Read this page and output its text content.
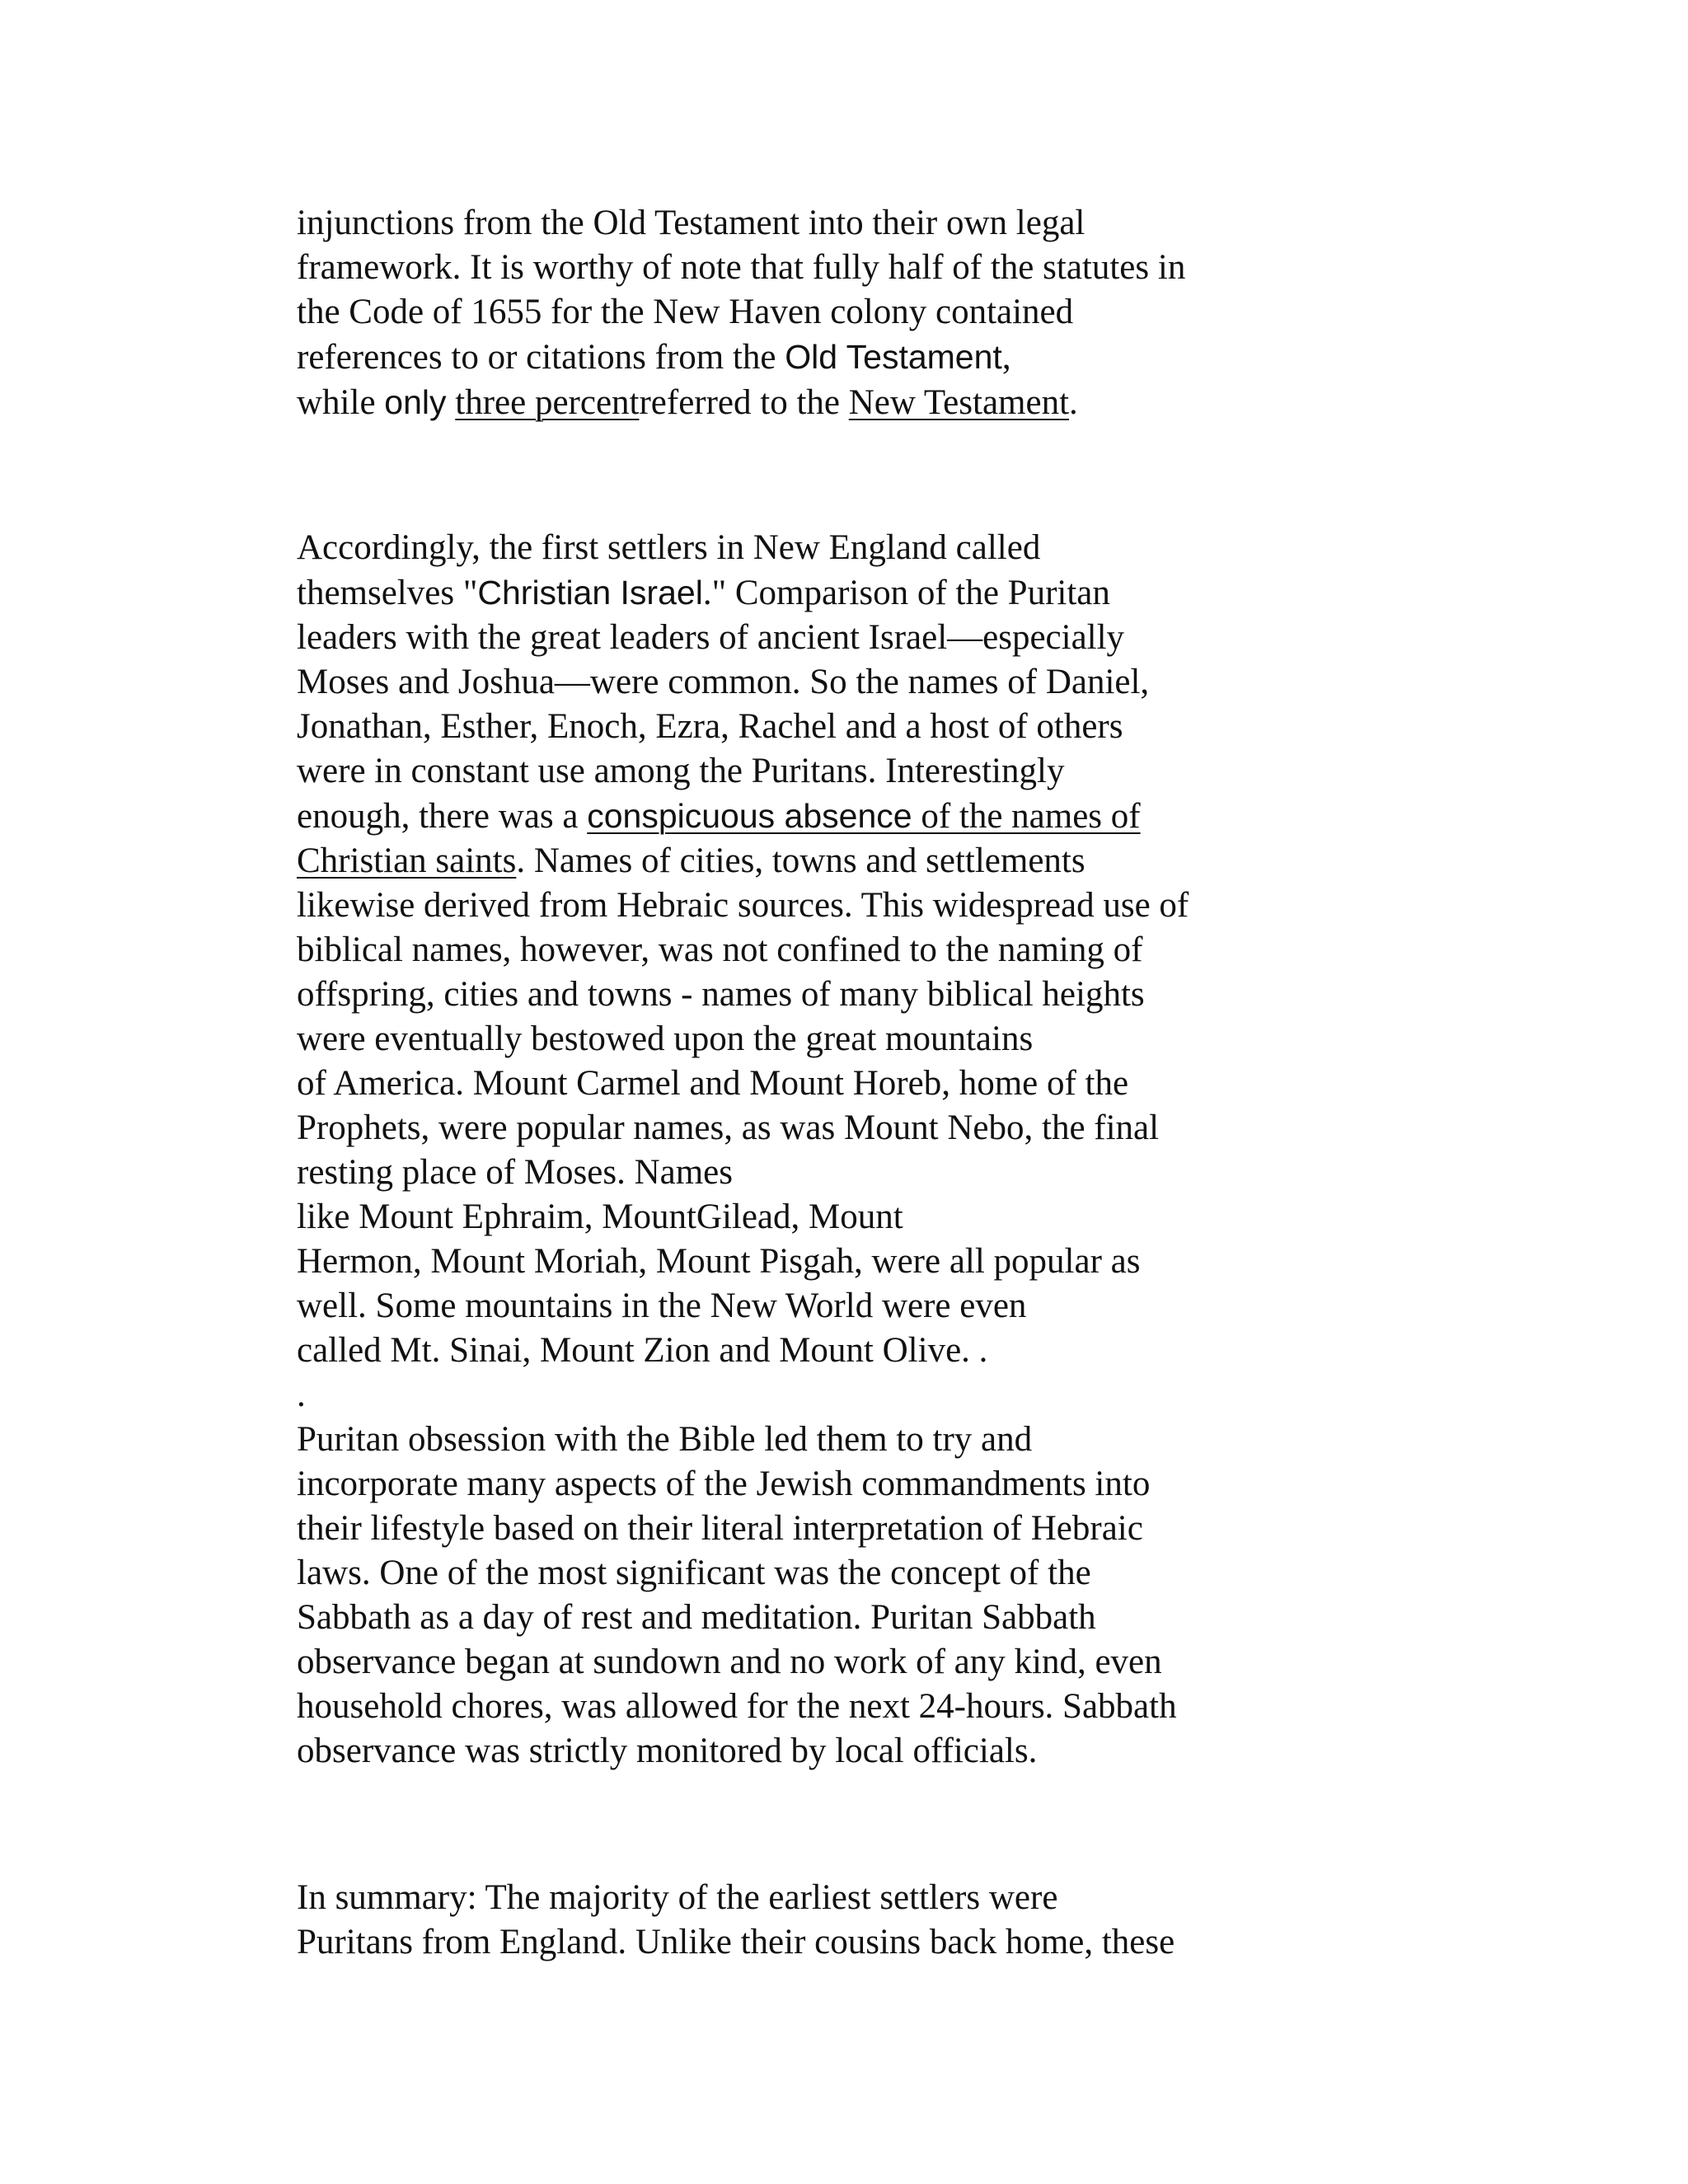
injunctions from the Old Testament into their own legal
framework. It is worthy of note that fully half of the statutes in
the Code of 1655 for the New Haven colony contained
references to or citations from the Old Testament,
while only three percentreferred to the New Testament.
Accordingly, the first settlers in New England called
themselves "Christian Israel." Comparison of the Puritan
leaders with the great leaders of ancient Israel—especially
Moses and Joshua—were common. So the names of Daniel,
Jonathan, Esther, Enoch, Ezra, Rachel and a host of others
were in constant use among the Puritans. Interestingly
enough, there was a conspicuous absence of the names of
Christian saints. Names of cities, towns and settlements
likewise derived from Hebraic sources. This widespread use of
biblical names, however, was not confined to the naming of
offspring, cities and towns - names of many biblical heights
were eventually bestowed upon the great mountains
of America. Mount Carmel and Mount Horeb, home of the
Prophets, were popular names, as was Mount Nebo, the final
resting place of Moses. Names
like Mount Ephraim, MountGilead, Mount
Hermon, Mount Moriah, Mount Pisgah, were all popular as
well. Some mountains in the New World were even
called Mt. Sinai, Mount Zion and Mount Olive. .
.
Puritan obsession with the Bible led them to try and
incorporate many aspects of the Jewish commandments into
their lifestyle based on their literal interpretation of Hebraic
laws. One of the most significant was the concept of the
Sabbath as a day of rest and meditation. Puritan Sabbath
observance began at sundown and no work of any kind, even
household chores, was allowed for the next 24-hours. Sabbath
observance was strictly monitored by local officials.
In summary: The majority of the earliest settlers were
Puritans from England. Unlike their cousins back home, these
